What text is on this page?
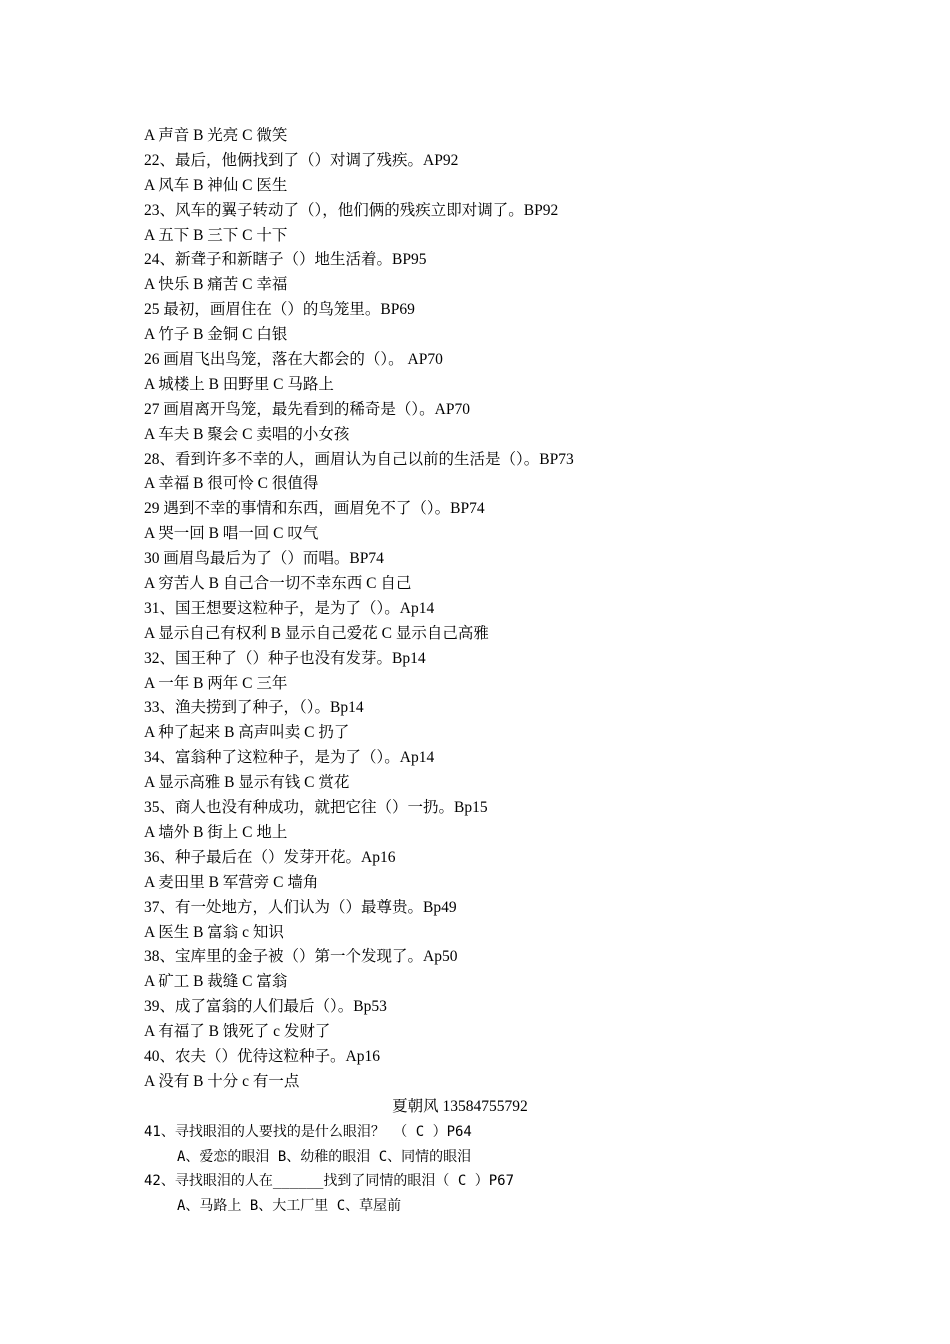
A 声音 B 光亮 C 微笑
22、最后，他俩找到了（）对调了残疾。AP92
A 风车 B 神仙 C 医生
23、风车的翼子转动了（），他们俩的残疾立即对调了。BP92
A 五下 B 三下 C 十下
24、新聋子和新瞎子（）地生活着。BP95
A 快乐 B 痛苦 C 幸福
25 最初，画眉住在（）的鸟笼里。BP69
A 竹子 B 金铜 C 白银
26 画眉飞出鸟笼，落在大都会的（）。 AP70
A 城楼上 B 田野里 C 马路上
27 画眉离开鸟笼，最先看到的稀奇是（）。AP70
A 车夫 B 聚会 C 卖唱的小女孩
28、看到许多不幸的人，画眉认为自己以前的生活是（）。BP73
A 幸福 B 很可怜 C 很值得
29 遇到不幸的事情和东西，画眉免不了（）。BP74
A 哭一回 B 唱一回 C 叹气
30 画眉鸟最后为了（）而唱。BP74
A 穷苦人 B 自己合一切不幸东西 C 自己
31、国王想要这粒种子，是为了（）。Ap14
A 显示自己有权利 B 显示自己爱花 C 显示自己高雅
32、国王种了（）种子也没有发芽。Bp14
A 一年 B 两年 C 三年
33、渔夫捞到了种子，（）。Bp14
A 种了起来 B 高声叫卖 C 扔了
34、富翁种了这粒种子，是为了（）。Ap14
A 显示高雅 B 显示有钱 C 赏花
35、商人也没有种成功，就把它往（）一扔。Bp15
A 墙外 B 街上 C 地上
36、种子最后在（）发芽开花。Ap16
A 麦田里 B 军营旁 C 墙角
37、有一处地方，人们认为（）最尊贵。Bp49
A 医生 B 富翁 c 知识
38、宝库里的金子被（）第一个发现了。Ap50
A 矿工 B 裁缝 C 富翁
39、成了富翁的人们最后（）。Bp53
A 有福了 B 饿死了 c 发财了
40、农夫（）优待这粒种子。Ap16
A 没有 B 十分 c 有一点
夏朝风 13584755792
41、寻找眼泪的人要找的是什么眼泪？ （ C ）P64
A、爱恋的眼泪 B、幼稚的眼泪 C、同情的眼泪
42、寻找眼泪的人在______找到了同情的眼泪（ C ）P67
A、马路上 B、大工厂里 C、草屋前
